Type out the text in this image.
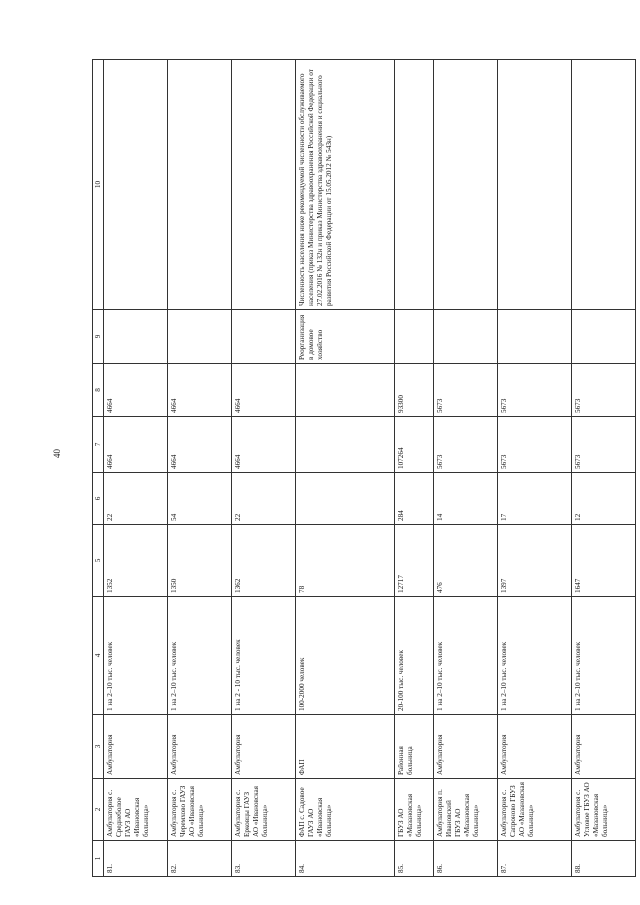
40
1	2	3	4	5	6	7	8	9	10
81.	Амбулатория с. Среднеболое ГАУЗ АО «Ивановская больница»	Амбулатория	1 на 2–10 тыс. человек	1352	22	4664	4664		
82.	Амбулатория с. Черемхово ГАУЗ АО «Ивановская больница»	Амбулатория	1 на 2–10 тыс. человек	1350	54	4664	4664		
83.	Амбулатория с. Ерковцы ГАУЗ АО «Ивановская больница»	Амбулатория	1 на 2 - 10 тыс. человек	1362	22	4664	4664		
84.	ФАП с. Садовое ГАУЗ АО «Ивановская больница»	ФАП	100-2000 человек	78				Реорганизация в домовое хозяйство	Численность населения ниже рекомендуемой численности обслуживаемого населения (приказ Министерства здравоохранения Российской Федерации от 27.02.2016 № 132н и приказ Министерства здравоохранения и социального развития Российской Федерации от 15.05.2012 № 543н)
85.	ГБУЗ АО «Мазановская больница»	Районная больница	20-100 тыс. человек	12717	284	107264	93300		
86.	Амбулатория п. Ивановский ГБУЗ АО «Мазановская больница»	Амбулатория	1 на 2–10 тыс. человек	476	14	5673	5673		
87.	Амбулатория с. Сапроново ГБУЗ АО «Мазановская больница»	Амбулатория	1 на 2–10 тыс. человек	1397	17	5673	5673		
88.	Амбулатория с. Угловое ГБУЗ АО «Мазановская больница»	Амбулатория	1 на 2–10 тыс. человек	1647	12	5673	5673		
